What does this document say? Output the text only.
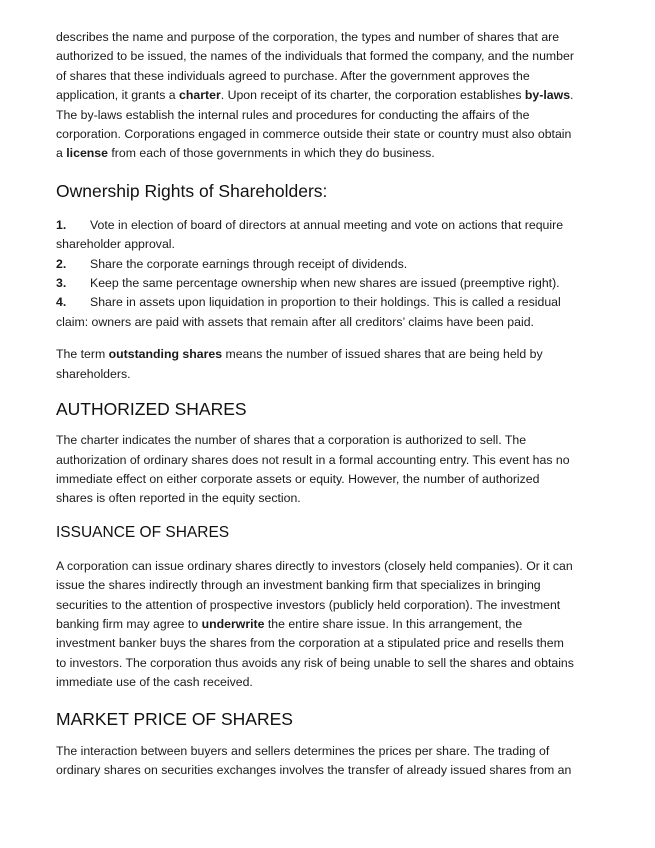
describes the name and purpose of the corporation, the types and number of shares that are

authorized to be issued, the names of the individuals that formed the company, and the number

of shares that these individuals agreed to purchase. After the government approves the

application, it grants a charter. Upon receipt of its charter, the corporation establishes by-laws.

The by-laws establish the internal rules and procedures for conducting the affairs of the

corporation. Corporations engaged in commerce outside their state or country must also obtain

a license from each of those governments in which they do business.

Ownership Rights of Shareholders:
1. Vote in election of board of directors at annual meeting and vote on actions that require
shareholder approval.
2. Share the corporate earnings through receipt of dividends.
3. Keep the same percentage ownership when new shares are issued (preemptive right).
4. Share in assets upon liquidation in proportion to their holdings. This is called a residual
claim: owners are paid with assets that remain after all creditors’ claims have been paid.

The term outstanding shares means the number of issued shares that are being held by

shareholders.

AUTHORIZED SHARES

The charter indicates the number of shares that a corporation is authorized to sell. The

authorization of ordinary shares does not result in a formal accounting entry. This event has no

immediate effect on either corporate assets or equity. However, the number of authorized

shares is often reported in the equity section.

ISSUANCE OF SHARES

A corporation can issue ordinary shares directly to investors (closely held companies). Or it can

issue the shares indirectly through an investment banking firm that specializes in bringing

securities to the attention of prospective investors (publicly held corporation). The investment

banking firm may agree to underwrite the entire share issue. In this arrangement, the

investment banker buys the shares from the corporation at a stipulated price and resells them

to investors. The corporation thus avoids any risk of being unable to sell the shares and obtains

immediate use of the cash received.

MARKET PRICE OF SHARES

The interaction between buyers and sellers determines the prices per share. The trading of

ordinary shares on securities exchanges involves the transfer of already issued shares from an
